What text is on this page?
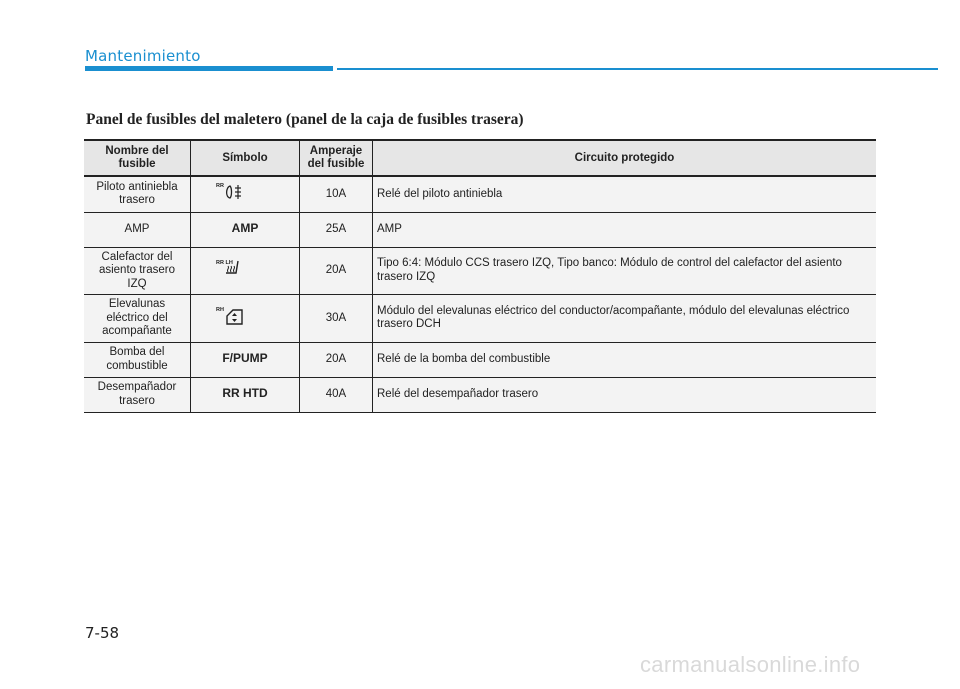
Mantenimiento
Panel de fusibles del maletero (panel de la caja de fusibles trasera)
Nombre del fusible	Símbolo	Amperaje del fusible	Circuito protegido
Piloto antiniebla trasero	RR	10A	Relé del piloto antiniebla
AMP	AMP	25A	AMP
Calefactor del asiento trasero IZQ	RR LH	20A	Tipo 6:4: Módulo CCS trasero IZQ, Tipo banco: Módulo de control del calefactor del asiento trasero IZQ
Elevalunas eléctrico del acompañante	RH	30A	Módulo del elevalunas eléctrico del conductor/acompañante, módulo del elevalunas eléctrico trasero DCH
Bomba del combustible	F/PUMP	20A	Relé de la bomba del combustible
Desempañador trasero	RR HTD	40A	Relé del desempañador trasero
7-58
carmanualsonline.info
